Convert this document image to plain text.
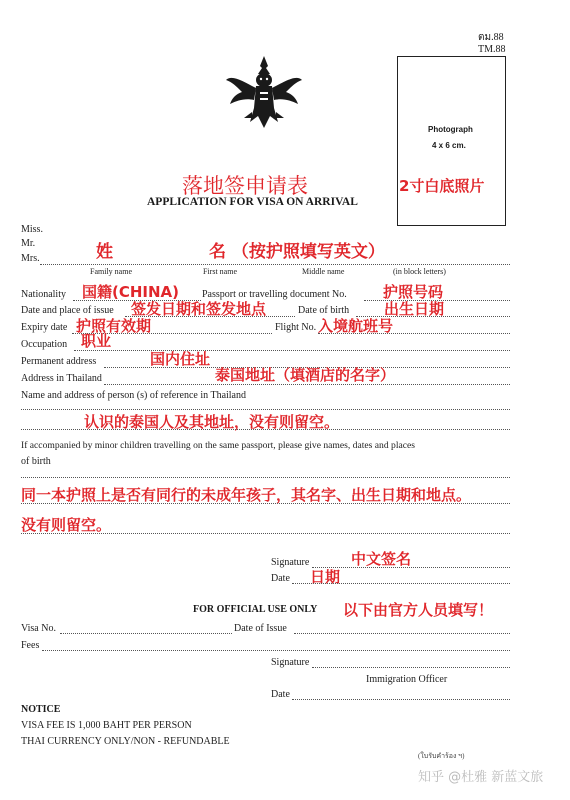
ตม.88
TM.88
Photograph
4 x 6 cm.
2寸白底照片
落地签申请表
APPLICATION FOR VISA ON ARRIVAL
Miss.
Mr.
Mrs.	姓	名 （按护照填写英文）
Family name	First name	Middle name	(in block letters)
Nationality 国籍(CHINA) Passport or travelling document No. 护照号码
Date and place of issue 签发日期和签发地点	Date of birth 出生日期
Expiry date 护照有效期	Flight No. 入境航班号
Occupation 职业
Permanent address	国内住址
Address in Thailand	泰国地址（填酒店的名字）
Name and address of person (s) of reference in Thailand
认识的泰国人及其地址，没有则留空。
If accompanied by minor children travelling on the same passport, please give names, dates and places
of birth
同一本护照上是否有同行的未成年孩子，其名字、出生日期和地点。
没有则留空。
Signature	中文签名
Date 日期
FOR OFFICIAL USE ONLY 以下由官方人员填写！
Visa No.	Date of Issue
Fees
Signature
Immigration Officer
Date
NOTICE
VISA FEE IS 1,000 BAHT PER PERSON
THAI CURRENCY ONLY/NON - REFUNDABLE
(ใบรับคำร้อง ฯ)
知乎 @杜雅 新蓝文旅
